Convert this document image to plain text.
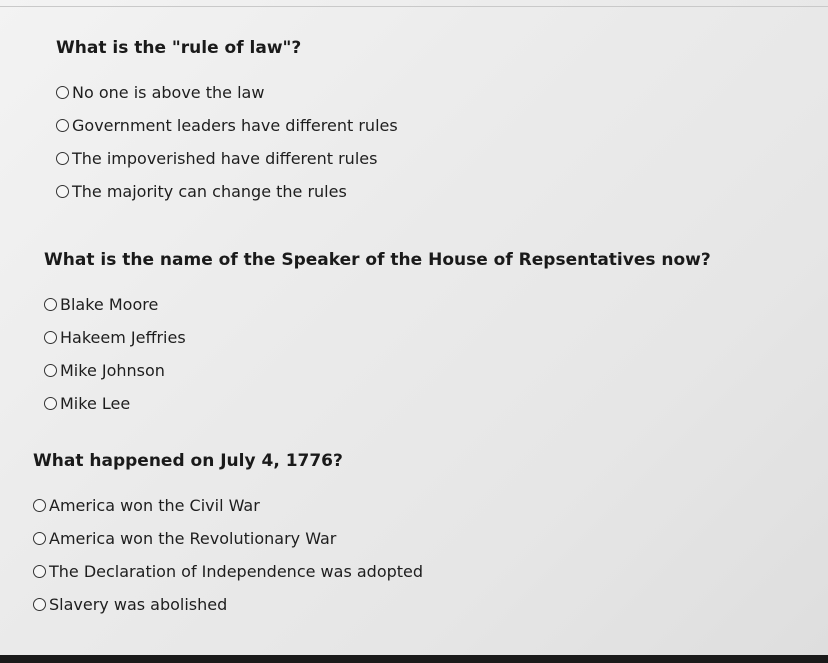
What is the "rule of law"?
No one is above the law
Government leaders have different rules
The impoverished have different rules
The majority can change the rules
What is the name of the Speaker of the House of Repsentatives now?
Blake Moore
Hakeem Jeffries
Mike Johnson
Mike Lee
What happened on July 4, 1776?
America won the Civil War
America won the Revolutionary War
The Declaration of Independence was adopted
Slavery was abolished
